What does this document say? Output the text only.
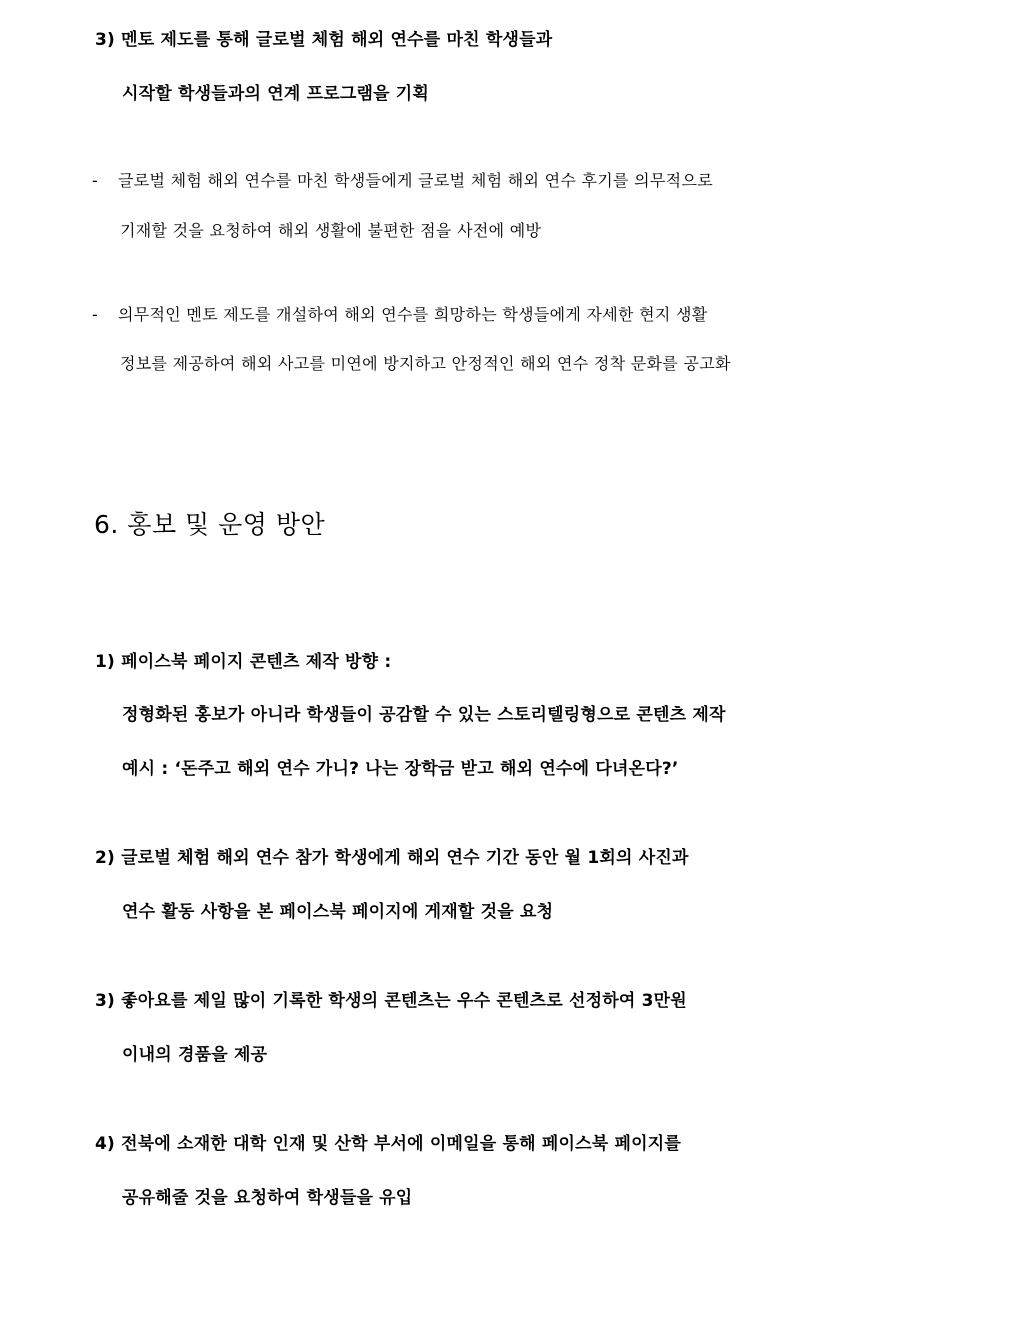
3) 멘토 제도를 통해 글로벌 체험 해외 연수를 마친 학생들과
시작할 학생들과의 연계 프로그램을 기획
- 글로벌 체험 해외 연수를 마친 학생들에게 글로벌 체험 해외 연수 후기를 의무적으로
기재할 것을 요청하여 해외 생활에 불편한 점을 사전에 예방
- 의무적인 멘토 제도를 개설하여 해외 연수를 희망하는 학생들에게 자세한 현지 생활
정보를 제공하여 해외 사고를 미연에 방지하고 안정적인 해외 연수 정착 문화를 공고화
6. 홍보 및 운영 방안
1) 페이스북 페이지 콘텐츠 제작 방향 :
정형화된 홍보가 아니라 학생들이 공감할 수 있는 스토리텔링형으로 콘텐츠 제작
예시 : ‘돈주고 해외 연수 가니? 나는 장학금 받고 해외 연수에 다녀온다?’
2) 글로벌 체험 해외 연수 참가 학생에게 해외 연수 기간 동안 월 1회의 사진과
연수 활동 사항을 본 페이스북 페이지에 게재할 것을 요청
3) 좋아요를 제일 많이 기록한 학생의 콘텐츠는 우수 콘텐츠로 선정하여 3만원
이내의 경품을 제공
4) 전북에 소재한 대학 인재 및 산학 부서에 이메일을 통해 페이스북 페이지를
공유해줄 것을 요청하여 학생들을 유입
